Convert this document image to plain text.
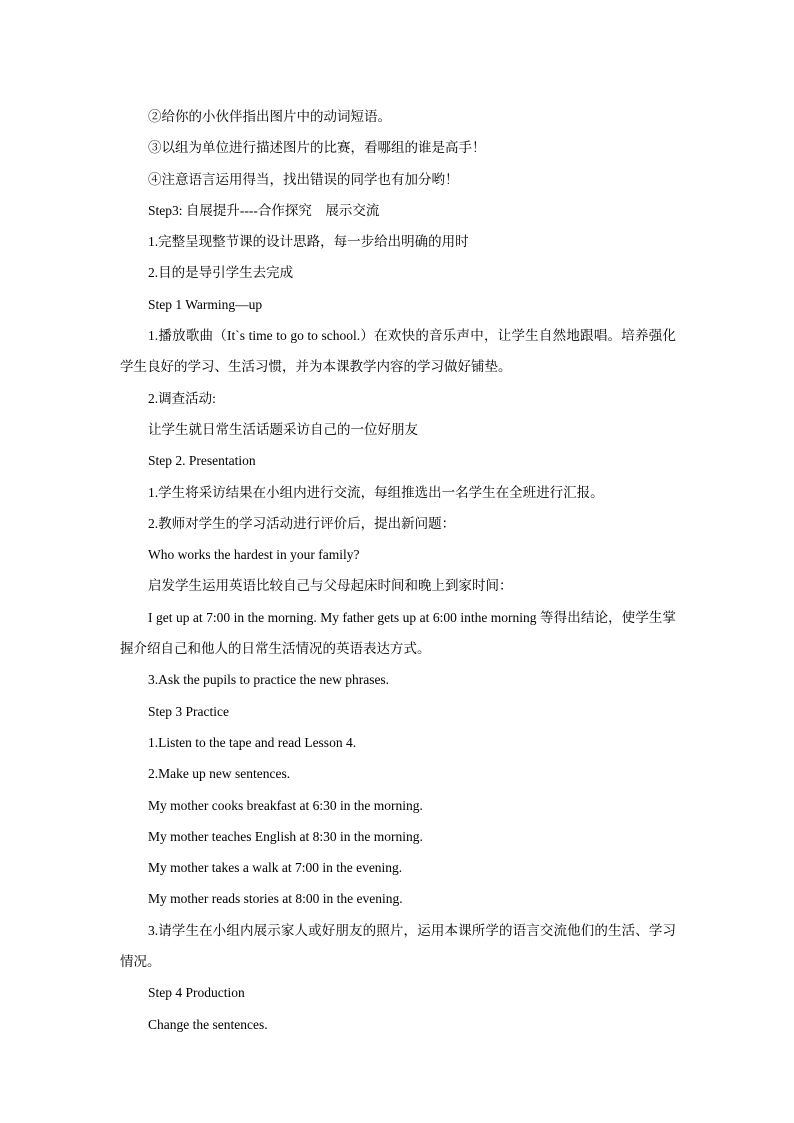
②给你的小伙伴指出图片中的动词短语。
③以组为单位进行描述图片的比赛，看哪组的谁是高手！
④注意语言运用得当，找出错误的同学也有加分哟！
Step3: 自展提升----合作探究　展示交流
1.完整呈现整节课的设计思路，每一步给出明确的用时
2.目的是导引学生去完成
Step 1 Warming—up
1.播放歌曲（It`s time to go to school.）在欢快的音乐声中，让学生自然地跟唱。培养强化学生良好的学习、生活习惯，并为本课教学内容的学习做好铺垫。
2.调查活动:
让学生就日常生活话题采访自己的一位好朋友
Step 2. Presentation
1.学生将采访结果在小组内进行交流，每组推选出一名学生在全班进行汇报。
2.教师对学生的学习活动进行评价后，提出新问题：
Who works the hardest in your family?
启发学生运用英语比较自己与父母起床时间和晚上到家时间：
I get up at 7:00 in the morning. My father gets up at 6:00 inthe morning 等得出结论，使学生掌握介绍自己和他人的日常生活情况的英语表达方式。
3.Ask the pupils to practice the new phrases.
Step 3 Practice
1.Listen to the tape and read Lesson 4.
2.Make up new sentences.
My mother cooks breakfast at 6:30 in the morning.
My mother teaches English at 8:30 in the morning.
My mother takes a walk at 7:00 in the evening.
My mother reads stories at 8:00 in the evening.
3.请学生在小组内展示家人或好朋友的照片，运用本课所学的语言交流他们的生活、学习情况。
Step 4 Production
Change the sentences.
